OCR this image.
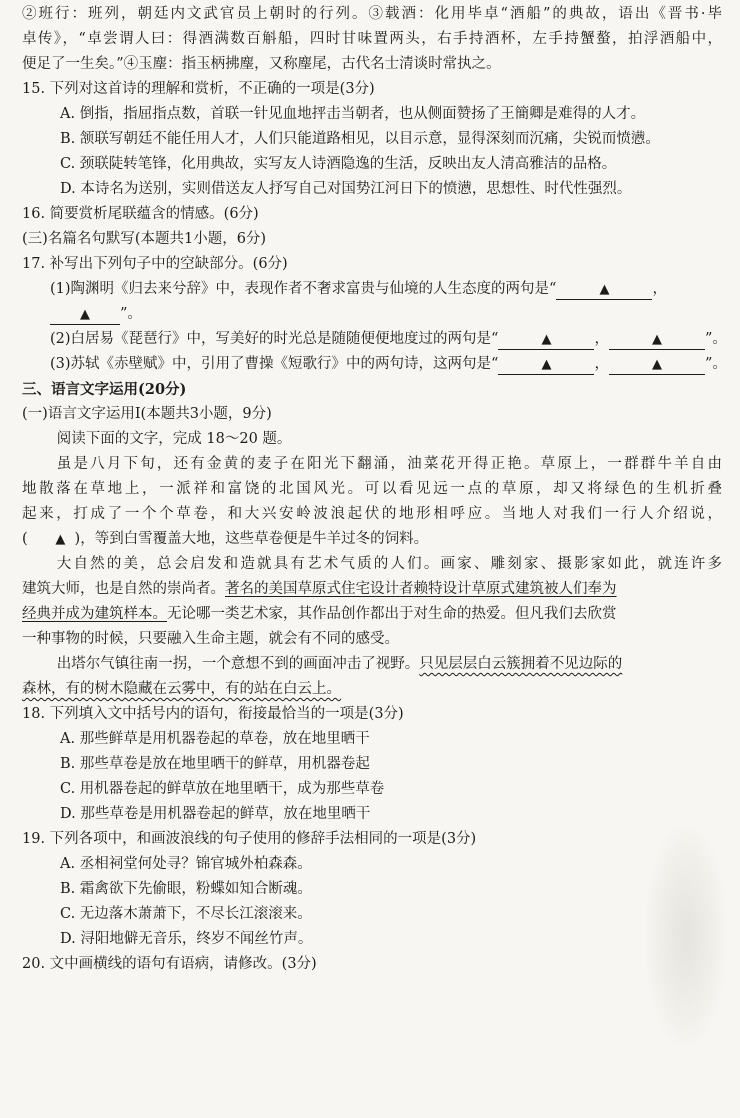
②班行：班列，朝廷内文武官员上朝时的行列。③载酒：化用毕卓“酒船”的典故，语出《晋书·毕
卓传》，“卓尝谓人曰：得酒满数百斛船，四时甘味置两头，右手持酒杯，左手持蟹螯，拍浮酒船中，
便足了一生矣。”④玉麈：指玉柄拂麈，又称麈尾，古代名士清谈时常执之。
15. 下列对这首诗的理解和赏析，不正确的一项是(3分)
A. 倒指，指屈指点数，首联一针见血地抨击当朝者，也从侧面赞扬了王簡卿是难得的人才。
B. 颔联写朝廷不能任用人才，人们只能道路相见，以目示意，显得深刻而沉痛，尖锐而愤懑。
C. 颈联陡转笔锋，化用典故，实写友人诗酒隐逸的生活，反映出友人清高雅洁的品格。
D. 本诗名为送别，实则借送友人抒写自己对国势江河日下的愤懑，思想性、时代性强烈。
16. 简要赏析尾联蕴含的情感。(6分)
(三)名篇名句默写(本题共1小题，6分)
17. 补写出下列句子中的空缺部分。(6分)
(1)陶渊明《归去来兮辞》中，表现作者不奢求富贵与仙境的人生态度的两句是“	▲	，
▲ ”。
(2)白居易《琵琶行》中，写美好的时光总是随随便便地度过的两句是“	▲	，	▲	”。
(3)苏轼《赤壁赋》中，引用了曹操《短歌行》中的两句诗，这两句是“	▲	，	▲	”。
三、语言文字运用(20分)
(一)语言文字运用Ⅰ(本题共3小题，9分)
阅读下面的文字，完成 18～20 题。
虽是八月下旬，还有金黄的麦子在阳光下翻涌，油菜花开得正艳。草原上，一群群牛羊自由
地散落在草地上，一派祥和富饶的北国风光。可以看见远一点的草原，却又将绿色的生机折叠
起来，打成了一个个草卷，和大兴安岭波浪起伏的地形相呼应。当地人对我们一行人介绍说，
(      ▲  )，等到白雪覆盖大地，这些草卷便是牛羊过冬的饲料。
大自然的美，总会启发和造就具有艺术气质的人们。画家、雕刻家、摄影家如此，就连许多
建筑大师，也是自然的崇尚者。著名的美国草原式住宅设计者赖特设计草原式建筑被人们奉为
经典并成为建筑样本。无论哪一类艺术家，其作品创作都出于对生命的热爱。但凡我们去欣赏
一种事物的时候，只要融入生命主题，就会有不同的感受。
出塔尔气镇往南一拐，一个意想不到的画面冲击了视野。只见层层白云簇拥着不见边际的
森林，有的树木隐藏在云雾中，有的站在白云上。
18. 下列填入文中括号内的语句，衔接最恰当的一项是(3分)
A. 那些鲜草是用机器卷起的草卷，放在地里晒干
B. 那些草卷是放在地里晒干的鲜草，用机器卷起
C. 用机器卷起的鲜草放在地里晒干，成为那些草卷
D. 那些草卷是用机器卷起的鲜草，放在地里晒干
19. 下列各项中，和画波浪线的句子使用的修辞手法相同的一项是(3分)
A. 丞相祠堂何处寻？锦官城外柏森森。
B. 霜禽欲下先偷眼，粉蝶如知合断魂。
C. 无边落木萧萧下，不尽长江滚滚来。
D. 浔阳地僻无音乐，终岁不闻丝竹声。
20. 文中画横线的语句有语病，请修改。(3分)
